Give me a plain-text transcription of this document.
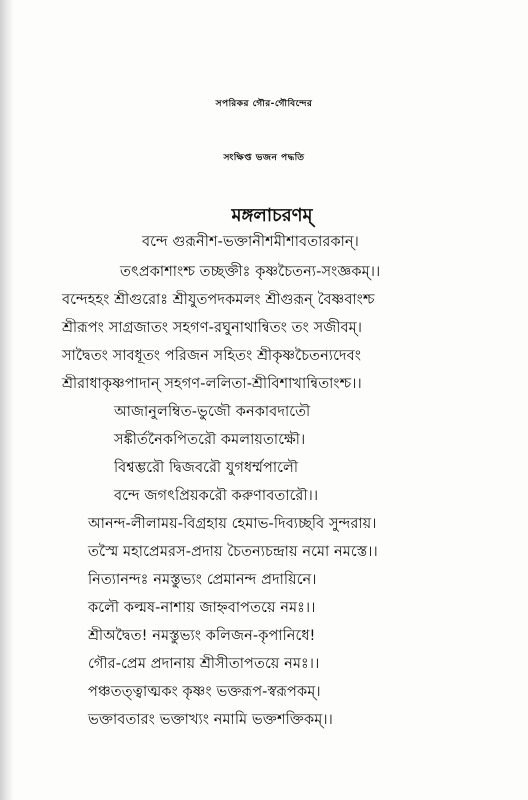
সপরিকর গৌর-গৌবিন্দের
সংক্ষিপ্ত ভজন পদ্ধতি
মঙ্গলাচরণম্
বন্দে গুরূনীশ-ভক্তানীশমীশাবতারকান্।
তৎপ্রকাশাংশ্চ তচ্ছক্তীঃ কৃষ্ণচৈতন্য-সংজ্ঞকম্।।
বন্দেহহং শ্রীগুরোঃ শ্রীযুতপদকমলং শ্রীগুরূন্ বৈষ্ণবাংশ্চ
শ্রীরূপং সাগ্রজাতং সহগণ-রঘুনাথান্বিতং তং সজীবম্।
সাদ্বৈতং সাবধূতং পরিজন সহিতং শ্রীকৃষ্ণচৈতন্যদেবং
শ্রীরাধাকৃষ্ণপাদান্ সহগণ-ললিতা-শ্রীবিশাখান্বিতাংশ্চ।।
আজানুলম্বিত-ভুজৌ কনকাবদাতৌ
সঙ্কীর্তনৈকপিতরৌ কমলায়তাক্ষৌ।
বিশ্বম্ভরৌ দ্বিজবরৌ যুগধর্ম্মপালৌ
বন্দে জগৎপ্রিয়করৌ করুণাবতারৌ।।
আনন্দ-লীলাময়-বিগ্রহায় হেমাভ-দিব্যচ্ছবি সুন্দরায়।
তস্মৈ মহাপ্রেমরস-প্রদায় চৈতন্যচন্দ্রায় নমো নমস্তে।।
নিত্যানন্দঃ নমস্তুভ্যং প্রেমানন্দ প্রদায়িনে।
কলৌ কল্মষ-নাশায় জাহ্নবাপতয়ে নমঃ।।
শ্রীঅদ্বৈত! নমস্তুভ্যং কলিজন-কৃপানিধে!
গৌর-প্রেম প্রদানায় শ্রীসীতাপতয়ে নমঃ।।
পঞ্চতত্ত্বাত্মকং কৃষ্ণং ভক্তরূপ-স্বরূপকম্।
ভক্তাবতারং ভক্তাখ্যং নমামি ভক্তশক্তিকম্।।
